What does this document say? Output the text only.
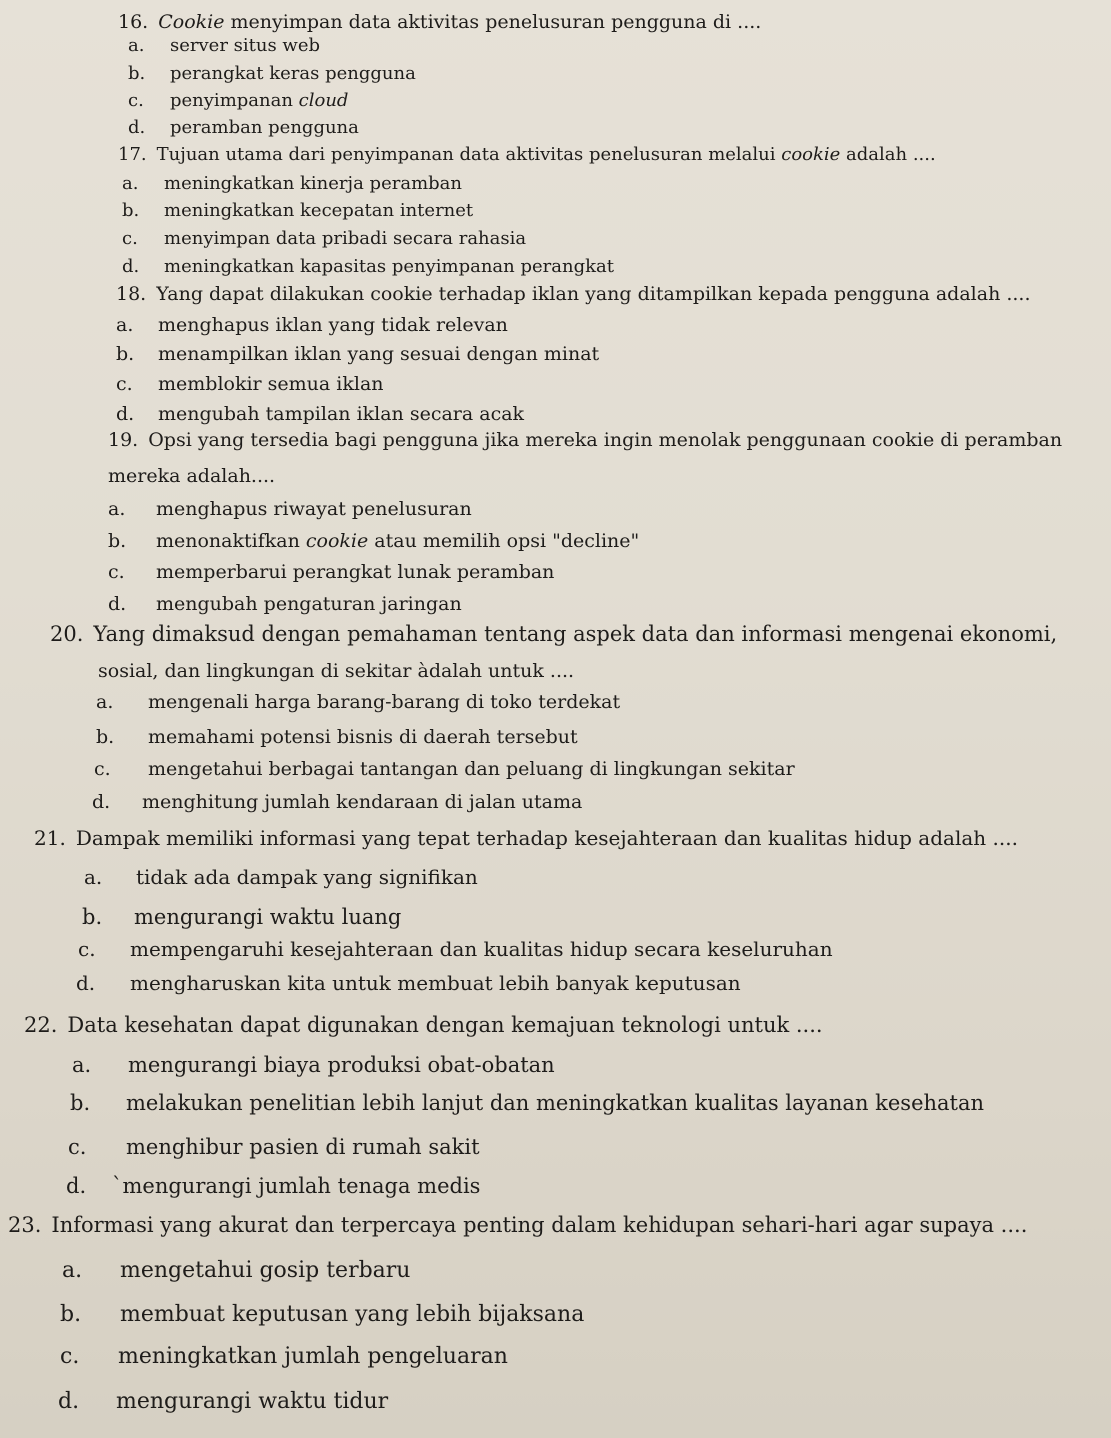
16. Cookie menyimpan data aktivitas penelusuran pengguna di ....
a. server situs web
b. perangkat keras pengguna
c. penyimpanan cloud
d. peramban pengguna
17. Tujuan utama dari penyimpanan data aktivitas penelusuran melalui cookie adalah ....
a. meningkatkan kinerja peramban
b. meningkatkan kecepatan internet
c. menyimpan data pribadi secara rahasia
d. meningkatkan kapasitas penyimpanan perangkat
18. Yang dapat dilakukan cookie terhadap iklan yang ditampilkan kepada pengguna adalah ....
a. menghapus iklan yang tidak relevan
b. menampilkan iklan yang sesuai dengan minat
c. memblokir semua iklan
d. mengubah tampilan iklan secara acak
19. Opsi yang tersedia bagi pengguna jika mereka ingin menolak penggunaan cookie di peramban
mereka adalah....
a. menghapus riwayat penelusuran
b. menonaktifkan cookie atau memilih opsi "decline"
c. memperbarui perangkat lunak peramban
d. mengubah pengaturan jaringan
20. Yang dimaksud dengan pemahaman tentang aspek data dan informasi mengenai ekonomi,
sosial, dan lingkungan di sekitar àdalah untuk ....
a. mengenali harga barang-barang di toko terdekat
b. memahami potensi bisnis di daerah tersebut
c. mengetahui berbagai tantangan dan peluang di lingkungan sekitar
d. menghitung jumlah kendaraan di jalan utama
21. Dampak memiliki informasi yang tepat terhadap kesejahteraan dan kualitas hidup adalah ....
a. tidak ada dampak yang signifikan
b. mengurangi waktu luang
c. mempengaruhi kesejahteraan dan kualitas hidup secara keseluruhan
d. mengharuskan kita untuk membuat lebih banyak keputusan
22. Data kesehatan dapat digunakan dengan kemajuan teknologi untuk ....
a. mengurangi biaya produksi obat-obatan
b. melakukan penelitian lebih lanjut dan meningkatkan kualitas layanan kesehatan
c. menghibur pasien di rumah sakit
d. `mengurangi jumlah tenaga medis
23. Informasi yang akurat dan terpercaya penting dalam kehidupan sehari-hari agar supaya ....
a. mengetahui gosip terbaru
b. membuat keputusan yang lebih bijaksana
c. meningkatkan jumlah pengeluaran
d. mengurangi waktu tidur
